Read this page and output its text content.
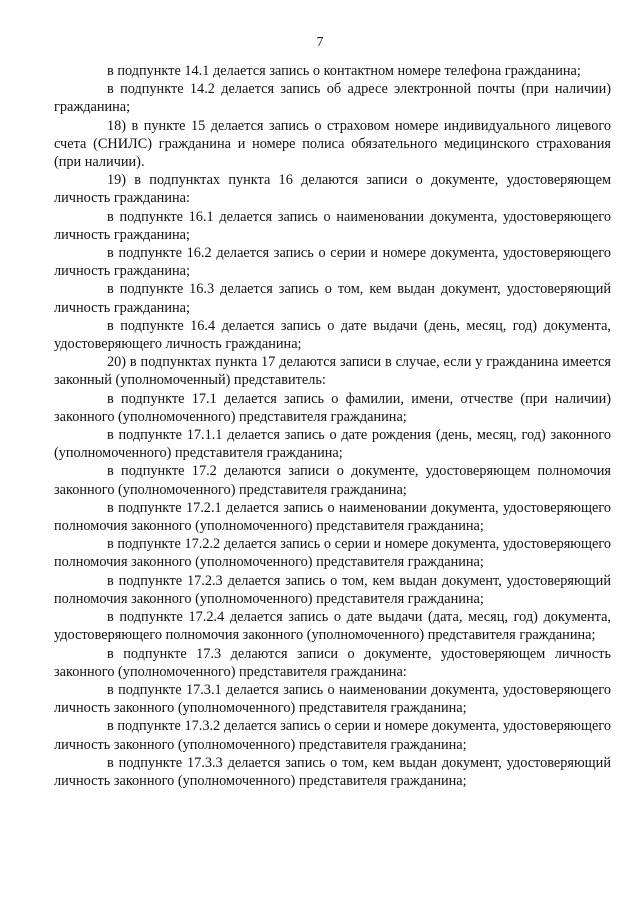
7

в подпункте 14.1 делается запись о контактном номере телефона гражданина;

в подпункте 14.2 делается запись об адресе электронной почты (при наличии) гражданина;

18) в пункте 15 делается запись о страховом номере индивидуального лицевого счета (СНИЛС) гражданина и номере полиса обязательного медицинского страхования (при наличии).

19) в подпунктах пункта 16 делаются записи о документе, удостоверяющем личность гражданина:

в подпункте 16.1 делается запись о наименовании документа, удостоверяющего личность гражданина;

в подпункте 16.2 делается запись о серии и номере документа, удостоверяющего личность гражданина;

в подпункте 16.3 делается запись о том, кем выдан документ, удостоверяющий личность гражданина;

в подпункте 16.4 делается запись о дате выдачи (день, месяц, год) документа, удостоверяющего личность гражданина;

20) в подпунктах пункта 17 делаются записи в случае, если у гражданина имеется законный (уполномоченный) представитель:

в подпункте 17.1 делается запись о фамилии, имени, отчестве (при наличии) законного (уполномоченного) представителя гражданина;

в подпункте 17.1.1 делается запись о дате рождения (день, месяц, год) законного (уполномоченного) представителя гражданина;

в подпункте 17.2 делаются записи о документе, удостоверяющем полномочия законного (уполномоченного) представителя гражданина;

в подпункте 17.2.1 делается запись о наименовании документа, удостоверяющего полномочия законного (уполномоченного) представителя гражданина;

в подпункте 17.2.2 делается запись о серии и номере документа, удостоверяющего полномочия законного (уполномоченного) представителя гражданина;

в подпункте 17.2.3 делается запись о том, кем выдан документ, удостоверяющий полномочия законного (уполномоченного) представителя гражданина;

в подпункте 17.2.4 делается запись о дате выдачи (дата, месяц, год) документа, удостоверяющего полномочия законного (уполномоченного) представителя гражданина;

в подпункте 17.3 делаются записи о документе, удостоверяющем личность законного (уполномоченного) представителя гражданина:

в подпункте 17.3.1 делается запись о наименовании документа, удостоверяющего личность законного (уполномоченного) представителя гражданина;

в подпункте 17.3.2 делается запись о серии и номере документа, удостоверяющего личность законного (уполномоченного) представителя гражданина;

в подпункте 17.3.3 делается запись о том, кем выдан документ, удостоверяющий личность законного (уполномоченного) представителя гражданина;
